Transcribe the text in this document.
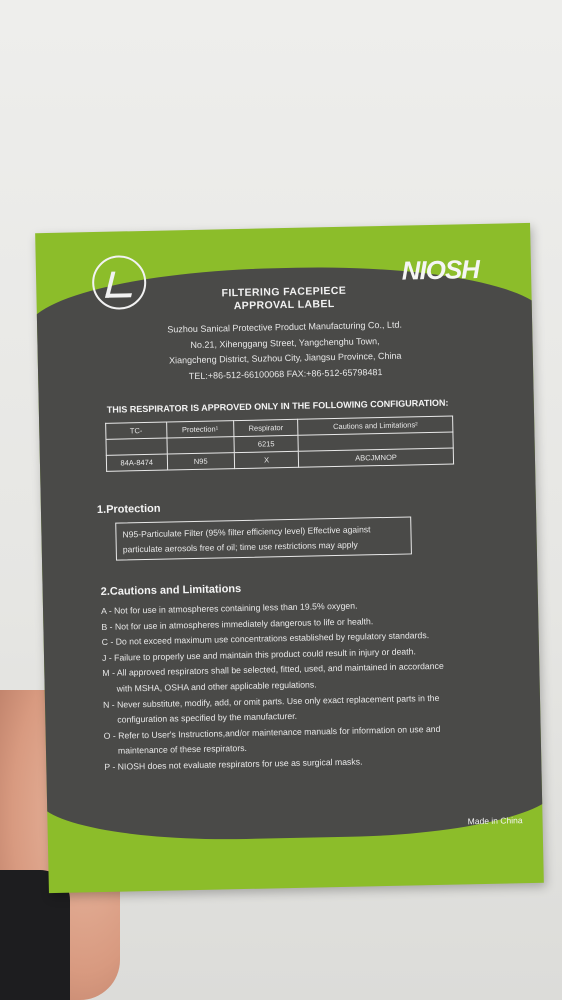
NIOSH
FILTERING FACEPIECE
APPROVAL LABEL
Suzhou Sanical Protective Product Manufacturing Co., Ltd.
No.21, Xihenggang Street, Yangchenghu Town,
Xiangcheng District, Suzhou City, Jiangsu Province, China
TEL:+86-512-66100068 FAX:+86-512-65798481
THIS RESPIRATOR IS APPROVED ONLY IN THE FOLLOWING CONFIGURATION:
TC-	Protection¹	Respirator	Cautions and Limitations²
		6215	
84A-8474	N95	X	ABCJMNOP
1.Protection
N95-Particulate Filter (95% filter efficiency level) Effective against
particulate aerosols free of oil; time use restrictions may apply
2.Cautions and Limitations
A - Not for use in atmospheres containing less than 19.5% oxygen.
B - Not for use in atmospheres immediately dangerous to life or health.
C - Do not exceed maximum use concentrations established by regulatory standards.
J - Failure to properly use and maintain this product could result in injury or death.
M - All approved respirators shall be selected, fitted, used, and maintained in accordance
with MSHA, OSHA and other applicable regulations.
N - Never substitute, modify, add, or omit parts. Use only exact replacement parts in the
configuration as specified by the manufacturer.
O - Refer to User's Instructions,and/or maintenance manuals for information on use and
maintenance of these respirators.
P - NIOSH does not evaluate respirators for use as surgical masks.
Made in China
